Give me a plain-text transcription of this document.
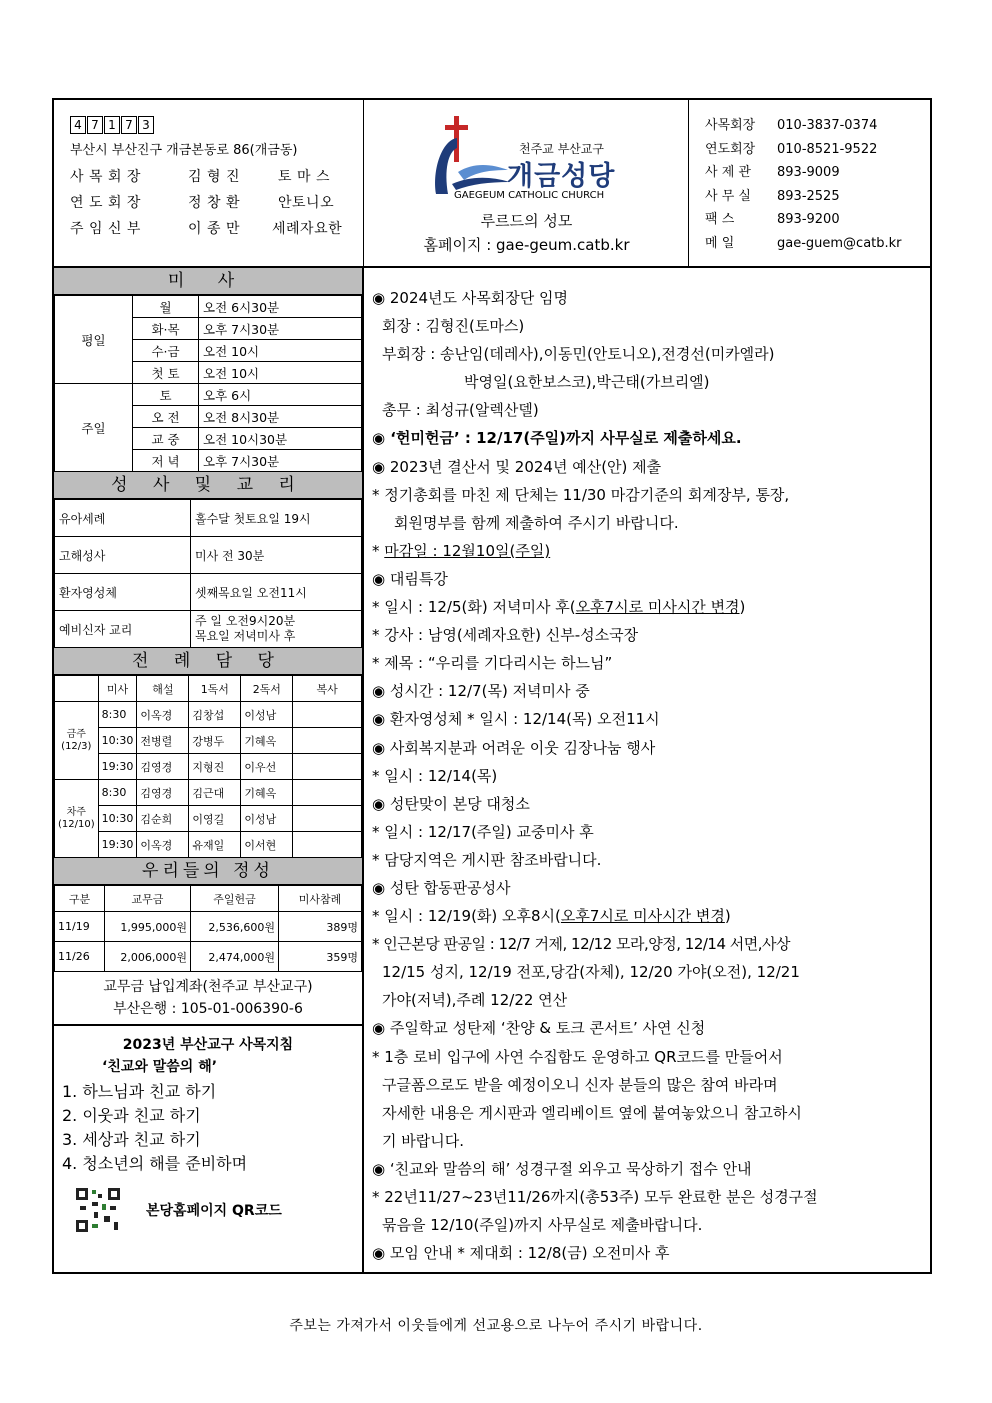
4 7 1 7 3
부산시 부산진구 개금본동로 86(개금동)
사 목 회 장	김 형 진	토 마 스
연 도 회 장	정 창 환	안토니오
주 임 신 부	이 종 만 세례자요한
천주교 부산교구
개금성당
GAEGEUM CATHOLIC CHURCH
루르드의 성모
홈페이지 : gae-geum.catb.kr
사목회장 010-3837-0374
연도회장 010-8521-9522
사 제 관 893-9009
사 무 실 893-2525
팩 스	893-9200
메 일	gae-guem@catb.kr
미 사
평일	월	오전 6시30분
	화·목	오후 7시30분
	수·금	오전 10시
	첫 토	오전 10시
주일	토	오후 6시
	오 전	오전 8시30분
	교 중	오전 10시30분
	저 녁	오후 7시30분
성 사 및 교 리
유아세례	홀수달 첫토요일 19시
고해성사	미사 전 30분
환자영성체	셋째목요일 오전11시
예비신자 교리	주 일 오전9시20분
목요일 저녁미사 후
전 례 담 당
	미사	해설	1독서	2독서	복사
금주(12/3)	8:30	이옥경	김창섭	이성남	
	10:30	전병렬	강병두	기혜옥	
	19:30	김영경	지형진	이우선	
차주(12/10)	8:30	김영경	김근대	기혜옥	
	10:30	김순희	이영길	이성남	
	19:30	이옥경	유재일	이서현	
우리들의 정성
구분	교무금	주일헌금	미사참례
11/19	1,995,000원	2,536,600원	389명
11/26	2,006,000원	2,474,000원	359명
교무금 납입계좌(천주교 부산교구)
부산은행 : 105-01-006390-6
2023년 부산교구 사목지침
‘친교와 말씀의 해’
1. 하느님과 친교 하기
2. 이웃과 친교 하기
3. 세상과 친교 하기
4. 청소년의 해를 준비하며
본당홈페이지 QR코드
◉ 2024년도 사목회장단 임명
회장 : 김형진(토마스)
부회장 : 송난임(데레사),이동민(안토니오),전경선(미카엘라)
박영일(요한보스코),박근태(가브리엘)
총무 : 최성규(알렉산델)
◉ ‘헌미헌금’ : 12/17(주일)까지 사무실로 제출하세요.
◉ 2023년 결산서 및 2024년 예산(안) 제출
* 정기총회를 마친 제 단체는 11/30 마감기준의 회계장부, 통장,
회원명부를 함께 제출하여 주시기 바랍니다.
* 마감일 : 12월10일(주일)
◉ 대림특강
* 일시 : 12/5(화) 저녁미사 후(오후7시로 미사시간 변경)
* 강사 : 남영(세례자요한) 신부-성소국장
* 제목 : “우리를 기다리시는 하느님”
◉ 성시간 : 12/7(목) 저녁미사 중
◉ 환자영성체 * 일시 : 12/14(목) 오전11시
◉ 사회복지분과 어려운 이웃 김장나눔 행사
* 일시 : 12/14(목)
◉ 성탄맞이 본당 대청소
* 일시 : 12/17(주일) 교중미사 후
* 담당지역은 게시판 참조바랍니다.
◉ 성탄 합동판공성사
* 일시 : 12/19(화) 오후8시(오후7시로 미사시간 변경)
* 인근본당 판공일 : 12/7 거제, 12/12 모라,양정, 12/14 서면,사상
12/15 성지, 12/19 전포,당감(자체), 12/20 가야(오전), 12/21
가야(저녁),주례 12/22 연산
◉ 주일학교 성탄제 ‘찬양 & 토크 콘서트’ 사연 신청
* 1층 로비 입구에 사연 수집함도 운영하고 QR코드를 만들어서
구글폼으로도 받을 예정이오니 신자 분들의 많은 참여 바라며
자세한 내용은 게시판과 엘리베이트 옆에 붙여놓았으니 참고하시
기 바랍니다.
◉ ‘친교와 말씀의 해’ 성경구절 외우고 묵상하기 접수 안내
* 22년11/27~23년11/26까지(총53주) 모두 완료한 분은 성경구절
묶음을 12/10(주일)까지 사무실로 제출바랍니다.
◉ 모임 안내 * 제대회 : 12/8(금) 오전미사 후
주보는 가져가서 이웃들에게 선교용으로 나누어 주시기 바랍니다.
